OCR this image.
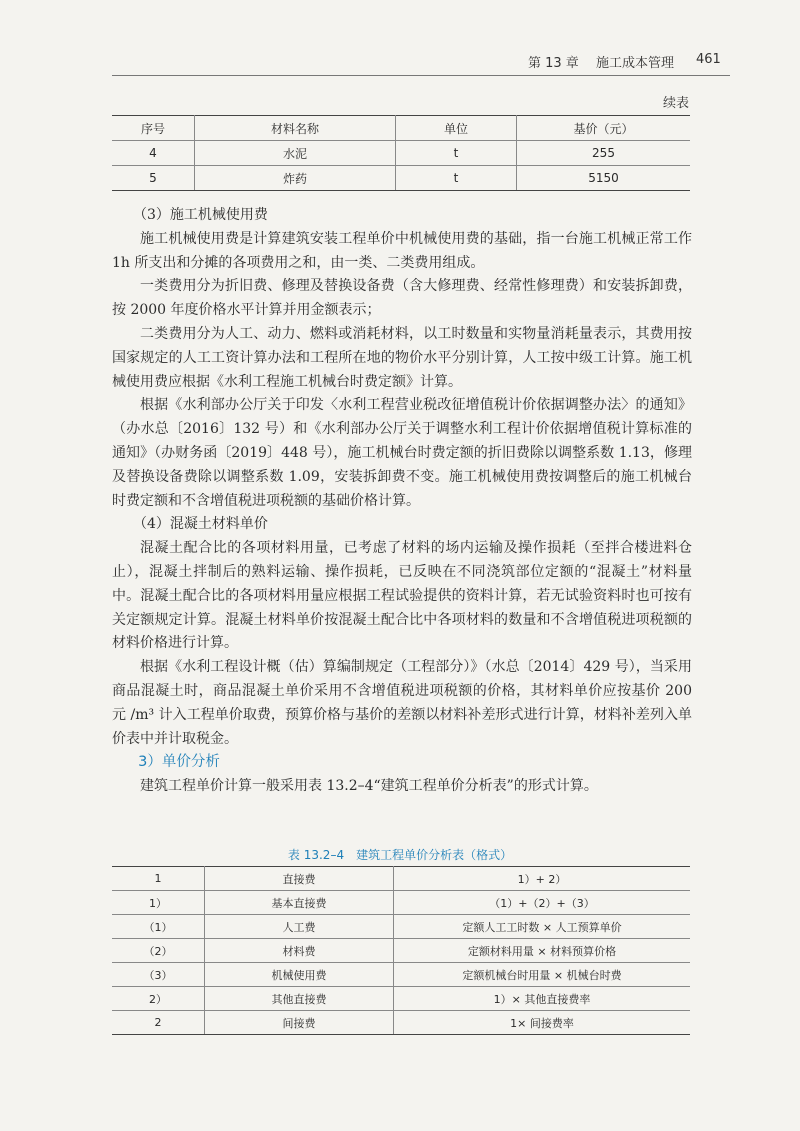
第 13 章 施工成本管理 461
续表
序号	材料名称	单位	基价（元）
4	水泥	t	255
5	炸药	t	5150

（3）施工机械使用费

施工机械使用费是计算建筑安装工程单价中机械使用费的基础，指一台施工机械正常工作 1h 所支出和分摊的各项费用之和，由一类、二类费用组成。

一类费用分为折旧费、修理及替换设备费（含大修理费、经常性修理费）和安装拆卸费，按 2000 年度价格水平计算并用金额表示；

二类费用分为人工、动力、燃料或消耗材料，以工时数量和实物量消耗量表示，其费用按国家规定的人工工资计算办法和工程所在地的物价水平分别计算，人工按中级工计算。施工机械使用费应根据《水利工程施工机械台时费定额》计算。

根据《水利部办公厅关于印发〈水利工程营业税改征增值税计价依据调整办法〉的通知》（办水总〔2016〕132 号）和《水利部办公厅关于调整水利工程计价依据增值税计算标准的通知》（办财务函〔2019〕448 号），施工机械台时费定额的折旧费除以调整系数 1.13，修理及替换设备费除以调整系数 1.09，安装拆卸费不变。施工机械使用费按调整后的施工机械台时费定额和不含增值税进项税额的基础价格计算。

（4）混凝土材料单价

混凝土配合比的各项材料用量，已考虑了材料的场内运输及操作损耗（至拌合楼进料仓止），混凝土拌制后的熟料运输、操作损耗，已反映在不同浇筑部位定额的“混凝土”材料量中。混凝土配合比的各项材料用量应根据工程试验提供的资料计算，若无试验资料时也可按有关定额规定计算。混凝土材料单价按混凝土配合比中各项材料的数量和不含增值税进项税额的材料价格进行计算。

根据《水利工程设计概（估）算编制规定（工程部分）》（水总〔2014〕429 号），当采用商品混凝土时，商品混凝土单价采用不含增值税进项税额的价格，其材料单价应按基价 200 元 /m³ 计入工程单价取费，预算价格与基价的差额以材料补差形式进行计算，材料补差列入单价表中并计取税金。

3）单价分析

建筑工程单价计算一般采用表 13.2–4“建筑工程单价分析表”的形式计算。

表 13.2–4　建筑工程单价分析表（格式）
1	直接费	1）+ 2）
1）	基本直接费	（1）+（2）+（3）
（1）	人工费	定额人工工时数 × 人工预算单价
（2）	材料费	定额材料用量 × 材料预算价格
（3）	机械使用费	定额机械台时用量 × 机械台时费
2）	其他直接费	1）× 其他直接费率
2	间接费	1× 间接费率
